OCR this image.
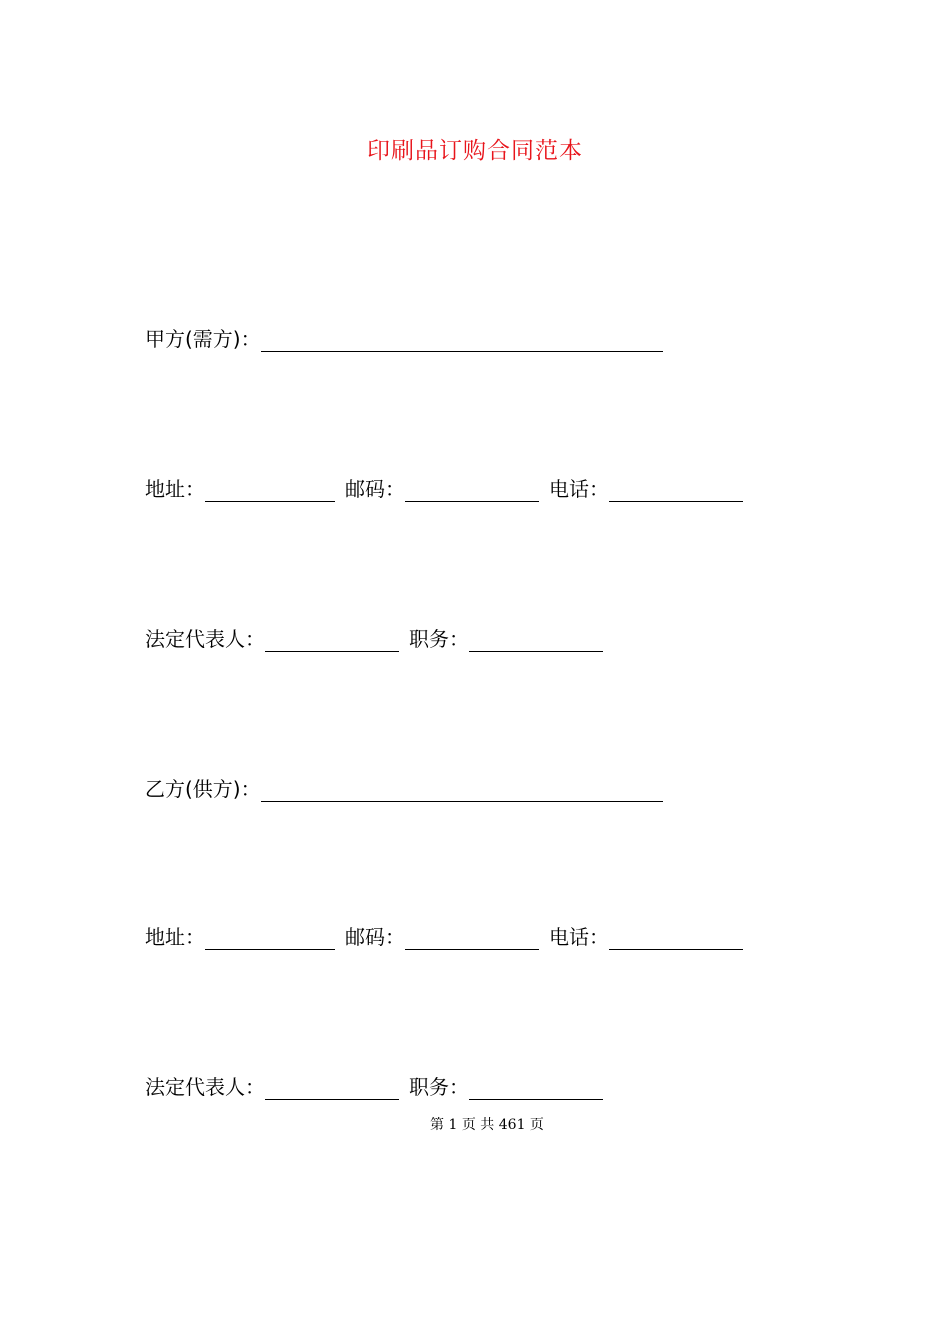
印刷品订购合同范本
甲方(需方)：
地址：	邮码：	电话：
法定代表人：	职务：
乙方(供方)：
地址：	邮码：	电话：
法定代表人：	职务：
第 1 页 共 461 页
